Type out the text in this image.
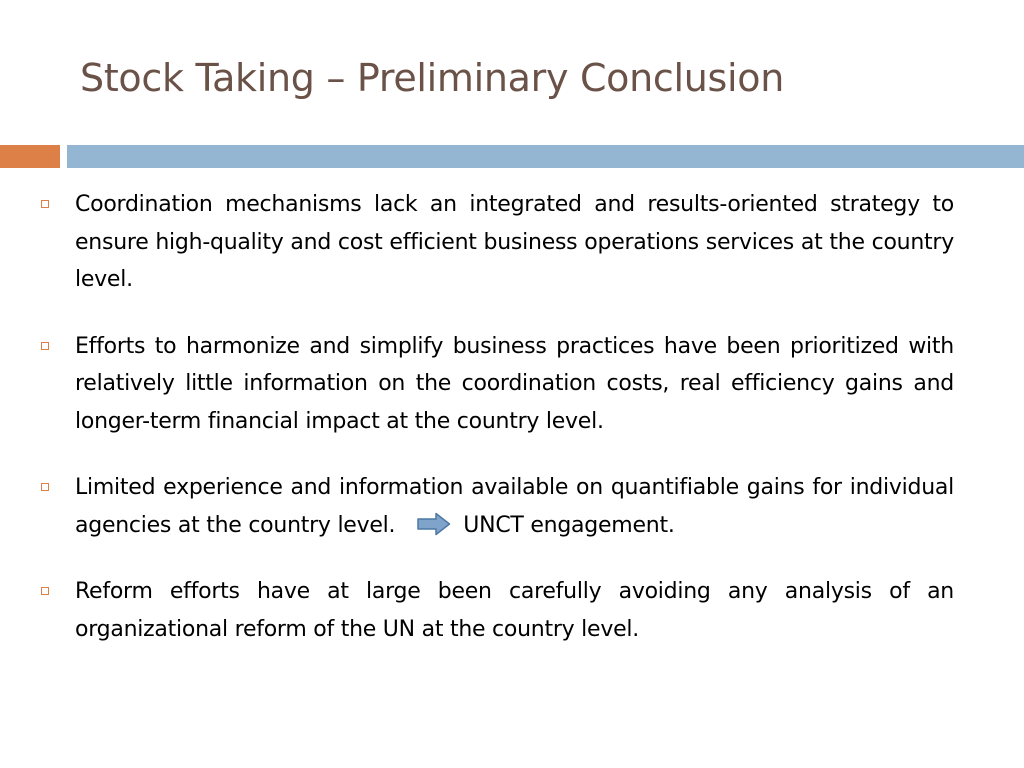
Stock Taking – Preliminary Conclusion
Coordination mechanisms lack an integrated and results-oriented strategy to ensure high-quality and cost efficient business operations services at the country level.
Efforts to harmonize and simplify business practices have been prioritized with relatively little information on the coordination costs, real efficiency gains and longer-term financial impact at the country level.
Limited experience and information available on quantifiable gains for individual agencies at the country level.	UNCT engagement.
Reform efforts have at large been carefully avoiding any analysis of an organizational reform of the UN at the country level.
